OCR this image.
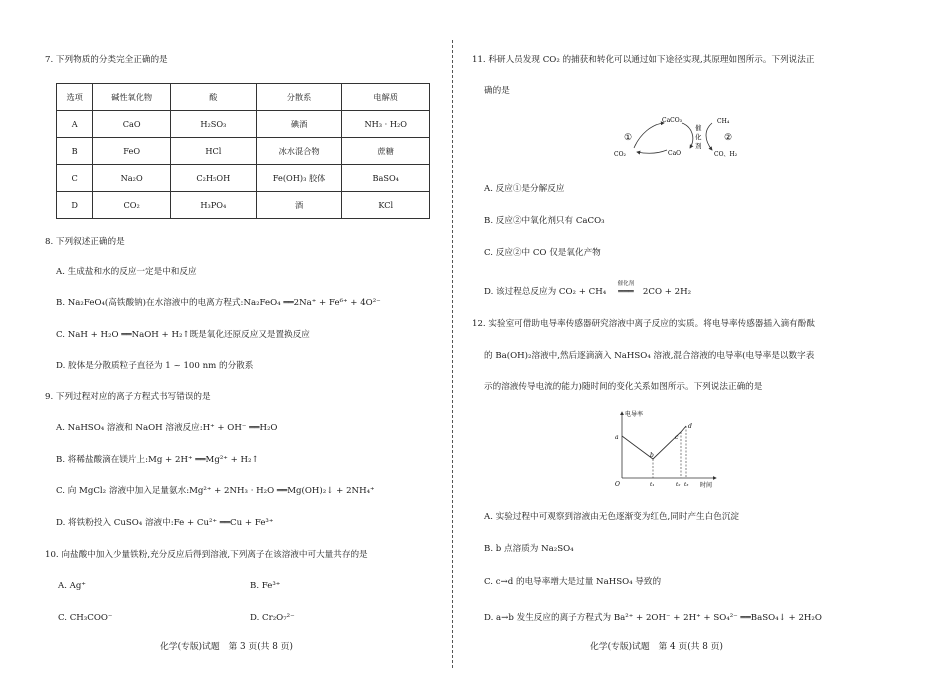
7. 下列物质的分类完全正确的是
选项	碱性氧化物	酸	分散系	电解质
A	CaO	H₂SO₃	碘酒	NH₃ · H₂O
B	FeO	HCl	冰水混合物	蔗糖
C	Na₂O	C₂H₅OH	Fe(OH)₃ 胶体	BaSO₄
D	CO₂	H₃PO₄	酒	KCl
8. 下列叙述正确的是
A. 生成盐和水的反应一定是中和反应
B. Na₂FeO₄(高铁酸钠)在水溶液中的电离方程式:Na₂FeO₄ ══2Na⁺ + Fe⁶⁺ + 4O²⁻
C. NaH + H₂O ══NaOH + H₂↑既是氧化还原反应又是置换反应
D. 胶体是分散质粒子直径为 1 ~ 100 nm 的分散系
9. 下列过程对应的离子方程式书写错误的是
A. NaHSO₄ 溶液和 NaOH 溶液反应:H⁺ + OH⁻ ══H₂O
B. 将稀盐酸滴在镁片上:Mg + 2H⁺ ══Mg²⁺ + H₂↑
C. 向 MgCl₂ 溶液中加入足量氨水:Mg²⁺ + 2NH₃ · H₂O ══Mg(OH)₂↓ + 2NH₄⁺
D. 将铁粉投入 CuSO₄ 溶液中:Fe + Cu²⁺ ══Cu + Fe³⁺
10. 向盐酸中加入少量铁粉,充分反应后得到溶液,下列离子在该溶液中可大量共存的是
A. Ag⁺	B. Fe³⁺
C. CH₃COO⁻	D. Cr₂O₇²⁻
化学(专版)试题　第 3 页(共 8 页)
11. 科研人员发现 CO₂ 的捕获和转化可以通过如下途径实现,其原理如图所示。下列说法正
确的是
CaCO₃
CaO
CO₂
CH₄
CO、H₂
①	②
催
化
剂
A. 反应①是分解反应
B. 反应②中氧化剂只有 CaCO₃
C. 反应②中 CO 仅是氧化产物
D. 该过程总反应为 CO₂ + CH₄
催化剂
═══ 2CO + 2H₂
12. 实验室可借助电导率传感器研究溶液中离子反应的实质。将电导率传感器插入滴有酚酞
的 Ba(OH)₂溶液中,然后逐滴滴入 NaHSO₄ 溶液,混合溶液的电导率(电导率是以数字表
示的溶液传导电流的能力)随时间的变化关系如图所示。下列说法正确的是
电导率
时间
O
a
b
c
d
t₁	t₂ t₃
A. 实验过程中可观察到溶液由无色逐渐变为红色,同时产生白色沉淀
B. b 点溶质为 Na₂SO₄
C. c→d 的电导率增大是过量 NaHSO₄ 导致的
D. a→b 发生反应的离子方程式为 Ba²⁺ + 2OH⁻ + 2H⁺ + SO₄²⁻ ══BaSO₄↓ + 2H₂O
化学(专版)试题　第 4 页(共 8 页)
